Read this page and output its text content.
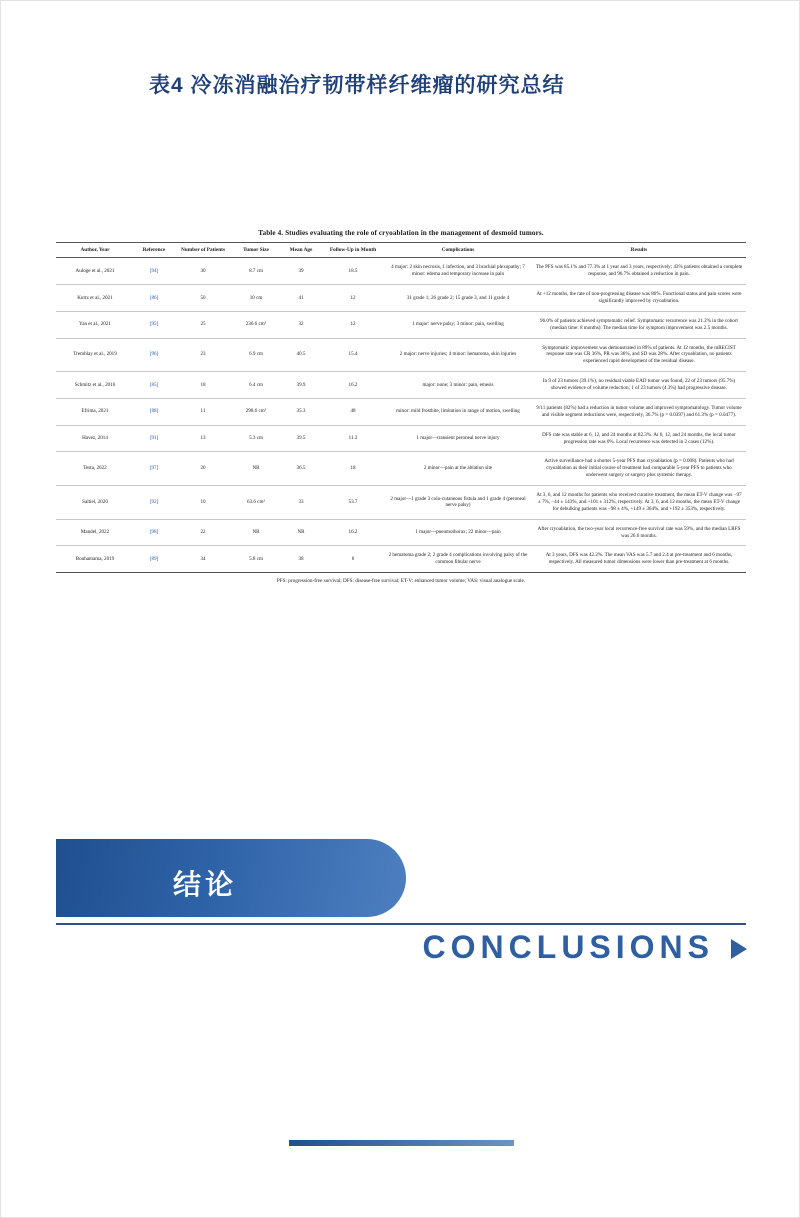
表4 冷冻消融治疗韧带样纤维瘤的研究总结
Table 4. Studies evaluating the role of cryoablation in the management of desmoid tumors.
Author, Year	Reference	Number of Patients	Tumor Size	Mean Age	Follow-Up in Month	Complications	Results
Auloge et al., 2021	[94]	30	8.7 cm	39	18.5	4 major: 2 skin necrosis, 1 infection, and 3 brachial plexopathy; 7 minor: edema and temporary increase in pain	The PFS was 85.1% and 77.3% at 1 year and 3 years, respectively; 43% patients obtained a complete response, and 96.7% obtained a reduction in pain.
Kurtz et al., 2021	[86]	50	10 cm	41	12	31 grade 1; 26 grade 2; 15 grade 3, and 11 grade 4	At +12 months, the rate of non-progressing disease was 86%. Functional status and pain scores were significantly improved by cryoablation.
Yan et al., 2021	[95]	25	236.6 cm³	32	12	1 major: nerve palsy; 3 minor: pain, swelling	96.0% of patients achieved symptomatic relief. Symptomatic recurrence was 21.2% in the cohort (median time: 8 months). The median time for symptom improvement was 2.5 months.
Tremblay et al., 2019	[96]	23	6.9 cm	40.5	15.4	2 major: nerve injuries; 4 minor: hematoma, skin injuries	Symptomatic improvement was demonstrated in 89% of patients. At 12 months, the mRECIST response rate was CR 36%, PR was 36%, and SD was 28%. After cryoablation, no patients experienced rapid development of the residual disease.
Schmitz et al., 2016	[85]	18	6.4 cm	39.9	16.2	major: none; 3 minor: pain, emesis	In 9 of 23 tumors (39.1%), no residual viable EAD tumor was found; 22 of 23 tumors (95.7%) showed evidence of volume reduction; 1 of 23 tumors (4.3%) had progressive disease.
Efrima, 2021	[88]	11	298.6 cm³	35.3	48	minor: mild frostbite, limitation in range of motion, swelling	9/11 patients (82%) had a reduction in tumor volume and improved symptomatology. Tumor volume and visible segment reductions were, respectively, 36.7% (p = 0.0397) and 61.3% (p = 0.0477).
Havez, 2014	[91]	13	5.3 cm	39.5	11.3	1 major—transient peroneal nerve injury	DFS rate was stable at 6, 12, and 24 months at 82.3%. At 6, 12, and 24 months, the local tumor progression rate was 0%. Local recurrence was detected in 2 cases (12%).
Testa, 2022	[97]	20	NR	36.5	18	2 minor—pain at the ablation site	Active surveillance had a shorter 5-year PFS than cryoablation (p = 0.008). Patients who had cryoablation as their initial course of treatment had comparable 5-year PFS to patients who underwent surgery or surgery plus systemic therapy.
Saltiel, 2020	[92]	10	63.6 cm³	33	53.7	2 major—1 grade 3 colo-cutaneous fistula and 1 grade 4 (peroneal nerve palsy)	At 3, 6, and 12 months for patients who received curative treatment, the mean ET-V change was −97 ± 7%, −44 ± 143%, and +101 ± 312%, respectively. At 3, 6, and 12 months, the mean ET-V change for debulking patients was −98 ± 4%, +149 ± 364%, and +192 ± 353%, respectively.
Mandel, 2022	[98]	22	NR	NR	16.2	1 major—pneumothorax; 22 minor—pain	After cryoablation, the two-year local recurrence-free survival rate was 59%, and the median LRFS was 26.6 months.
Bouhamama, 2019	[89]	34	5.8 cm	38	6	2 hematoma grade 2; 2 grade 4 complications involving palsy of the common fibular nerve	At 3 years, DFS was 42.2%. The mean VAS was 5.7 and 2.4 at pre-treatment and 6 months, respectively. All measured tumor dimensions were lower than pre-treatment at 6 months.
PFS: progression-free survival; DFS: disease-free survival; ET-V: enhanced tumor volume; VAS: visual analogue scale.
结论
CONCLUSIONS
